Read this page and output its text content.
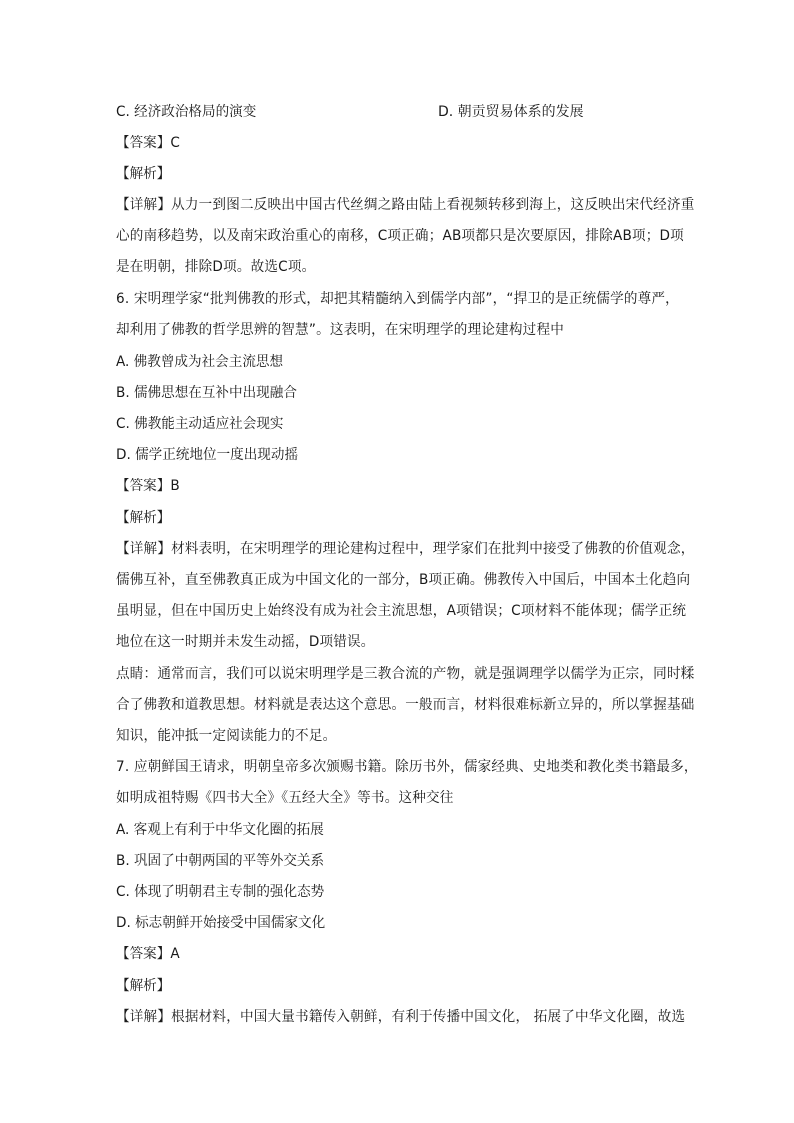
C. 经济政治格局的演变	D. 朝贡贸易体系的发展
【答案】C
【解析】
【详解】从力一到图二反映出中国古代丝绸之路由陆上看视频转移到海上，这反映出宋代经济重
心的南移趋势，以及南宋政治重心的南移，C项正确；AB项都只是次要原因，排除AB项；D项
是在明朝，排除D项。故选C项。
6. 宋明理学家“批判佛教的形式，却把其精髓纳入到儒学内部”，“捍卫的是正统儒学的尊严，
却利用了佛教的哲学思辨的智慧”。这表明，在宋明理学的理论建构过程中
A. 佛教曾成为社会主流思想
B. 儒佛思想在互补中出现融合
C. 佛教能主动适应社会现实
D. 儒学正统地位一度出现动摇
【答案】B
【解析】
【详解】材料表明，在宋明理学的理论建构过程中，理学家们在批判中接受了佛教的价值观念，
儒佛互补，直至佛教真正成为中国文化的一部分，B项正确。佛教传入中国后，中国本土化趋向
虽明显，但在中国历史上始终没有成为社会主流思想，A项错误；C项材料不能体现；儒学正统
地位在这一时期并未发生动摇，D项错误。
点睛：通常而言，我们可以说宋明理学是三教合流的产物，就是强调理学以儒学为正宗，同时糅
合了佛教和道教思想。材料就是表达这个意思。一般而言，材料很难标新立异的，所以掌握基础
知识，能冲抵一定阅读能力的不足。
7. 应朝鲜国王请求，明朝皇帝多次颁赐书籍。除历书外，儒家经典、史地类和教化类书籍最多，
如明成祖特赐《四书大全》《五经大全》等书。这种交往
A. 客观上有利于中华文化圈的拓展
B. 巩固了中朝两国的平等外交关系
C. 体现了明朝君主专制的强化态势
D. 标志朝鲜开始接受中国儒家文化
【答案】A
【解析】
【详解】根据材料，中国大量书籍传入朝鲜，有利于传播中国文化， 拓展了中华文化圈，故选
